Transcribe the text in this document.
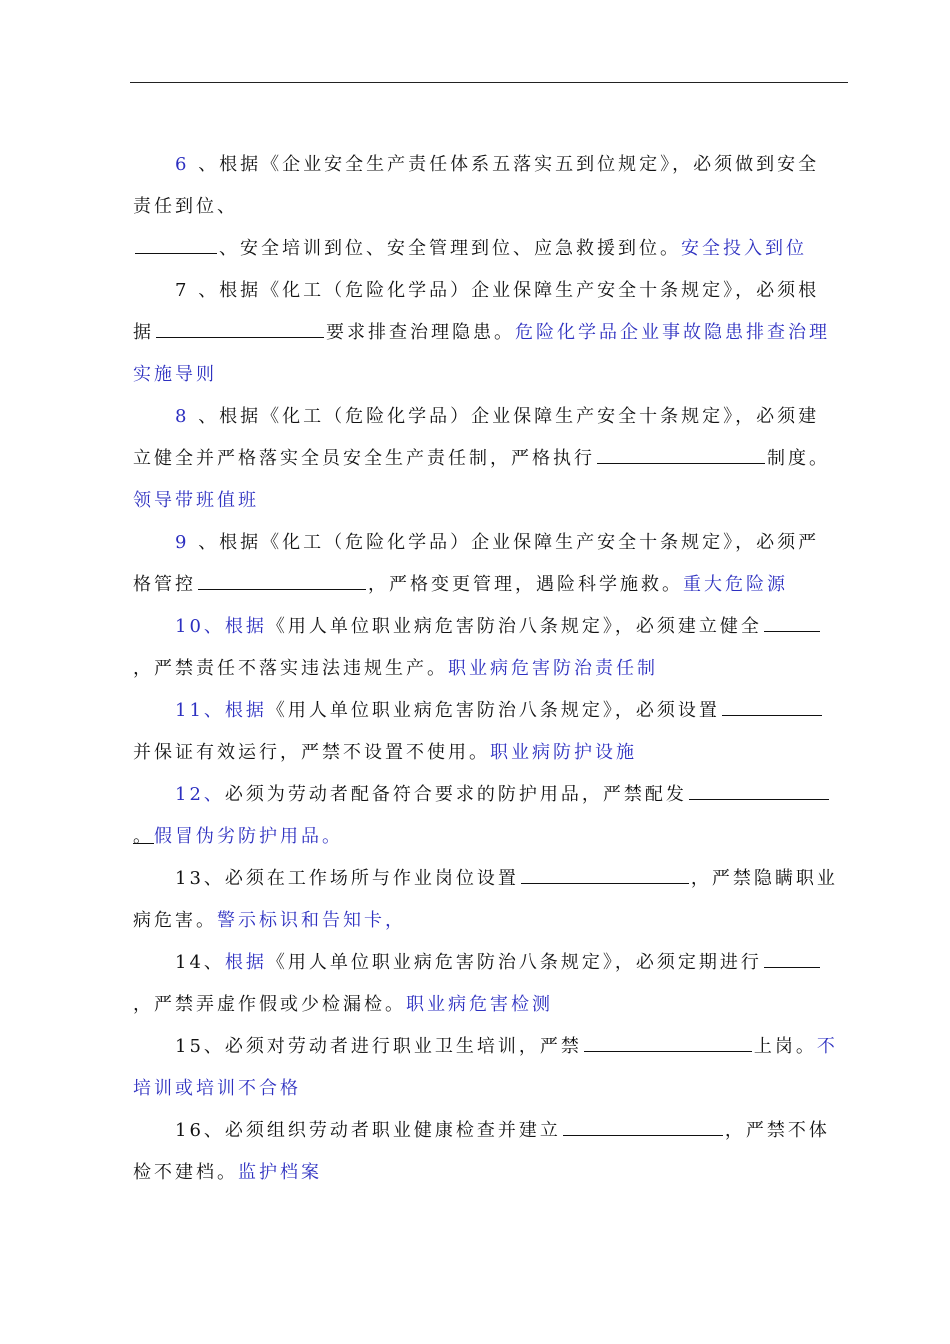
6 、根据《企业安全生产责任体系五落实五到位规定》，必须做到安全
责任到位、
、安全培训到位、安全管理到位、应急救援到位。安全投入到位
7 、根据《化工（危险化学品）企业保障生产安全十条规定》，必须根
据	要求排查治理隐患。危险化学品企业事故隐患排查治理
实施导则
8 、根据《化工（危险化学品）企业保障生产安全十条规定》，必须建
立健全并严格落实全员安全生产责任制，严格执行	制度。
领导带班值班
9 、根据《化工（危险化学品）企业保障生产安全十条规定》，必须严
格管控	，严格变更管理，遇险科学施救。重大危险源
10、根据《用人单位职业病危害防治八条规定》，必须建立健全
，严禁责任不落实违法违规生产。职业病危害防治责任制
11、根据《用人单位职业病危害防治八条规定》，必须设置
并保证有效运行，严禁不设置不使用。职业病防护设施
12、必须为劳动者配备符合要求的防护用品，严禁配发
。假冒伪劣防护用品。
13、必须在工作场所与作业岗位设置	，严禁隐瞒职业
病危害。警示标识和告知卡，
14、根据《用人单位职业病危害防治八条规定》，必须定期进行
，严禁弄虚作假或少检漏检。职业病危害检测
15、必须对劳动者进行职业卫生培训，严禁	上岗。不
培训或培训不合格
16、必须组织劳动者职业健康检查并建立	，严禁不体
检不建档。监护档案
